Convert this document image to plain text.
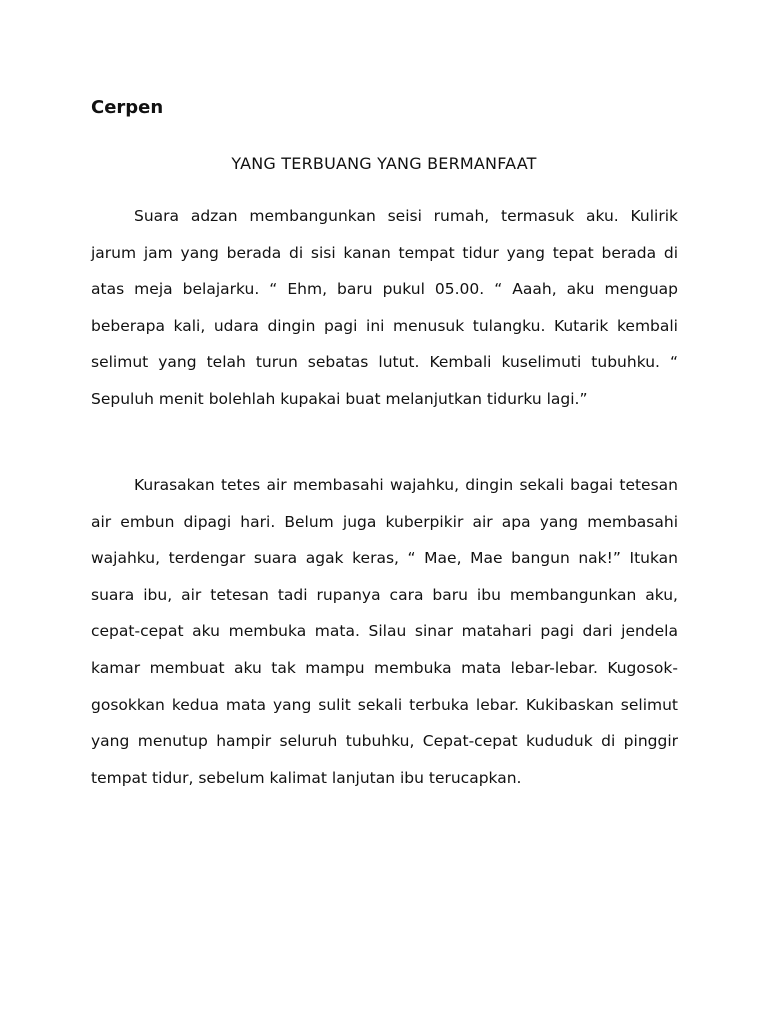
Cerpen
YANG TERBUANG YANG BERMANFAAT

Suara adzan membangunkan seisi rumah, termasuk aku. Kulirik jarum jam yang berada di sisi kanan tempat tidur yang tepat berada di atas meja belajarku. “ Ehm, baru pukul 05.00. “ Aaah, aku menguap beberapa kali, udara dingin pagi ini menusuk tulangku. Kutarik kembali selimut yang telah turun sebatas lutut. Kembali kuselimuti tubuhku. “ Sepuluh menit bolehlah kupakai buat melanjutkan tidurku lagi.”

Kurasakan tetes air membasahi wajahku, dingin sekali bagai tetesan air embun dipagi hari. Belum juga kuberpikir air apa yang membasahi wajahku, terdengar suara agak keras, “ Mae, Mae bangun nak!” Itukan suara ibu, air tetesan tadi rupanya cara baru ibu membangunkan aku, cepat-cepat aku membuka mata. Silau sinar matahari pagi dari jendela kamar membuat aku tak mampu membuka mata lebar-lebar. Kugosok-gosokkan kedua mata yang sulit sekali terbuka lebar. Kukibaskan selimut yang menutup hampir seluruh tubuhku, Cepat-cepat kududuk di pinggir tempat tidur, sebelum kalimat lanjutan ibu terucapkan.
